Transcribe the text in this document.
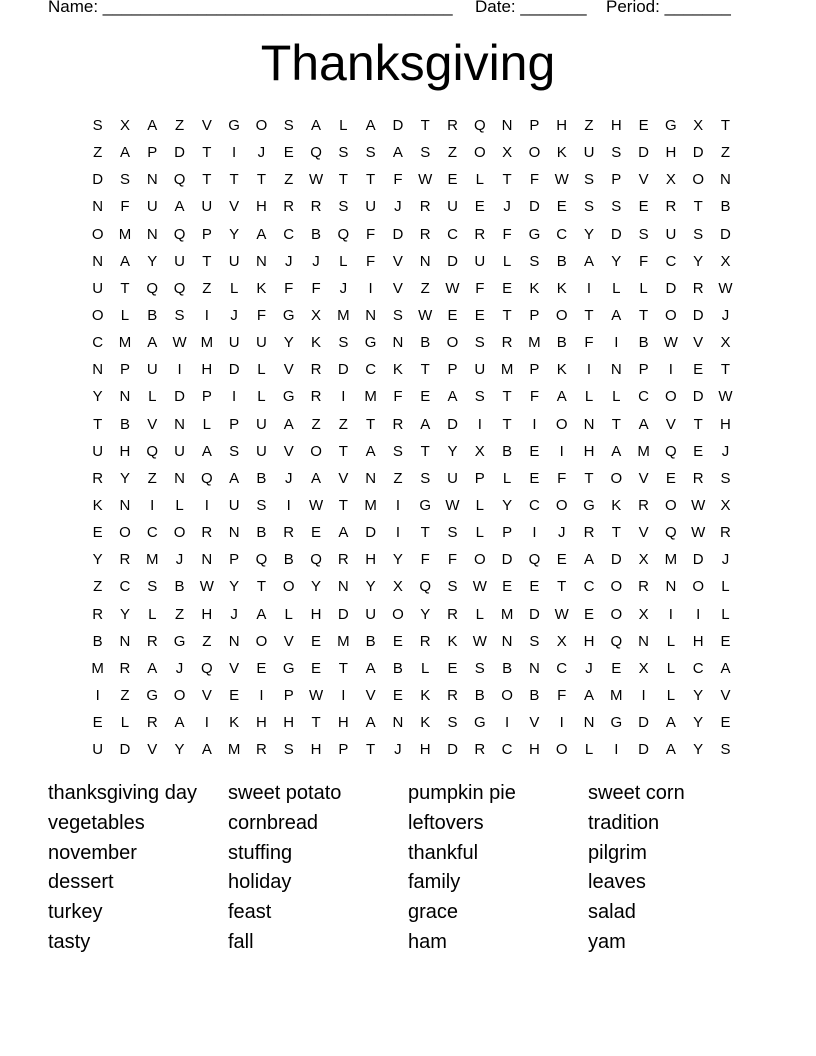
Name: _____________________________________ Date: _______ Period: _______
Thanksgiving
S	X	A	Z	V	G	O	S	A	L	A	D	T	R	Q	N	P	H	Z	H	E	G	X	T
Z	A	P	D	T	I	J	E	Q	S	S	A	S	Z	O	X	O	K	U	S	D	H	D	Z
D	S	N	Q	T	T	T	Z	W	T	T	F	W	E	L	T	F	W	S	P	V	X	O	N
N	F	U	A	U	V	H	R	R	S	U	J	R	U	E	J	D	E	S	S	E	R	T	B
O	M	N	Q	P	Y	A	C	B	Q	F	D	R	C	R	F	G	C	Y	D	S	U	S	D
N	A	Y	U	T	U	N	J	J	L	F	V	N	D	U	L	S	B	A	Y	F	C	Y	X
U	T	Q	Q	Z	L	K	F	F	J	I	V	Z	W	F	E	K	K	I	L	L	D	R W
O	L	B	S	I	J	F	G	X	M	N	S	W	E	E	T	P	O	T	A	T	O	D	J
C	M	A	W M	U	U	Y	K	S	G	N	B	O	S	R	M	B	F	I	B	W	V	X
N	P	U	I	H	D	L	V	R	D	C	K	T	P	U	M	P	K	I	N	P	I	E	T
Y	N	L	D	P	I	L	G	R	I	M	F	E	A	S	T	F	A	L	L	C	O	D W
T	B	V	N	L	P	U	A	Z	Z	T	R	A	D	I	T	I	O	N	T	A	V	T	H
U	H	Q	U	A	S	U	V	O	T	A	S	T	Y	X	B	E	I	H	A	M	Q	E	J
R	Y	Z	N	Q	A	B	J	A	V	N	Z	S	U	P	L	E	F	T	O	V	E	R	S
K	N	I	L	I	U	S	I	W	T	M	I	G W	L	Y	C	O	G	K	R	O W	X
E	O	C	O	R	N	B	R	E	A	D	I	T	S	L	P	I	J	R	T	V	Q W R
Y	R	M	J	N	P	Q	B	Q	R	H	Y	F	F	O	D	Q	E	A	D	X	M	D	J
Z	C	S	B	W	Y	T	O	Y	N	Y	X	Q	S	W	E	E	T	C	O	R	N	O	L
R	Y	L	Z	H	J	A	L	H	D	U	O	Y	R	L	M	D W	E	O	X	I	I	L
B	N	R	G	Z	N	O	V	E	M	B	E	R	K	W N	S	X	H	Q	N	L	H	E
M	R	A	J	Q	V	E	G	E	T	A	B	L	E	S	B	N	C	J	E	X	L	C	A
I	Z	G	O	V	E	I	P	W	I	V	E	K	R	B	O	B	F	A	M	I	L	Y	V
E	L	R	A	I	K	H	H	T	H	A	N	K	S	G	I	V	I	N	G	D	A	Y	E
U	D	V	Y	A	M	R	S	H	P	T	J	H	D	R	C	H	O	L	I	D	A	Y	S
thanksgiving day	sweet potato	pumpkin pie	sweet corn
vegetables	cornbread	leftovers	tradition
november	stuffing	thankful	pilgrim
dessert	holiday	family	leaves
turkey	feast	grace	salad
tasty	fall	ham	yam
